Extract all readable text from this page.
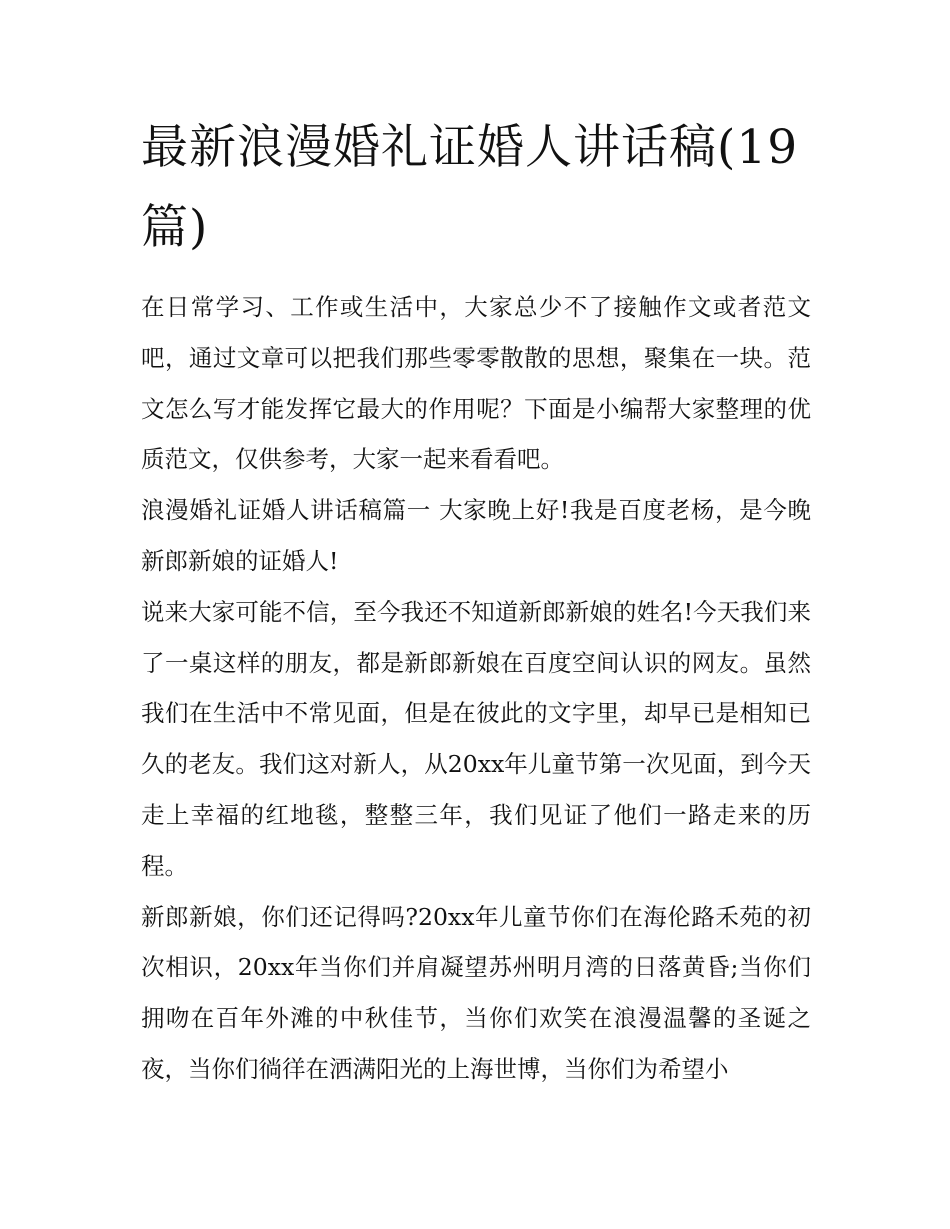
最新浪漫婚礼证婚人讲话稿(19篇)

在日常学习、工作或生活中，大家总少不了接触作文或者范文吧，通过文章可以把我们那些零零散散的思想，聚集在一块。范文怎么写才能发挥它最大的作用呢？下面是小编帮大家整理的优质范文，仅供参考，大家一起来看看吧。

浪漫婚礼证婚人讲话稿篇一 大家晚上好!我是百度老杨，是今晚新郎新娘的证婚人!

说来大家可能不信，至今我还不知道新郎新娘的姓名!今天我们来了一桌这样的朋友，都是新郎新娘在百度空间认识的网友。虽然我们在生活中不常见面，但是在彼此的文字里，却早已是相知已久的老友。我们这对新人，从20xx年儿童节第一次见面，到今天走上幸福的红地毯，整整三年，我们见证了他们一路走来的历程。

新郎新娘，你们还记得吗?20xx年儿童节你们在海伦路禾苑的初次相识，20xx年当你们并肩凝望苏州明月湾的日落黄昏;当你们拥吻在百年外滩的中秋佳节，当你们欢笑在浪漫温馨的圣诞之夜，当你们徜徉在洒满阳光的上海世博，当你们为希望小
